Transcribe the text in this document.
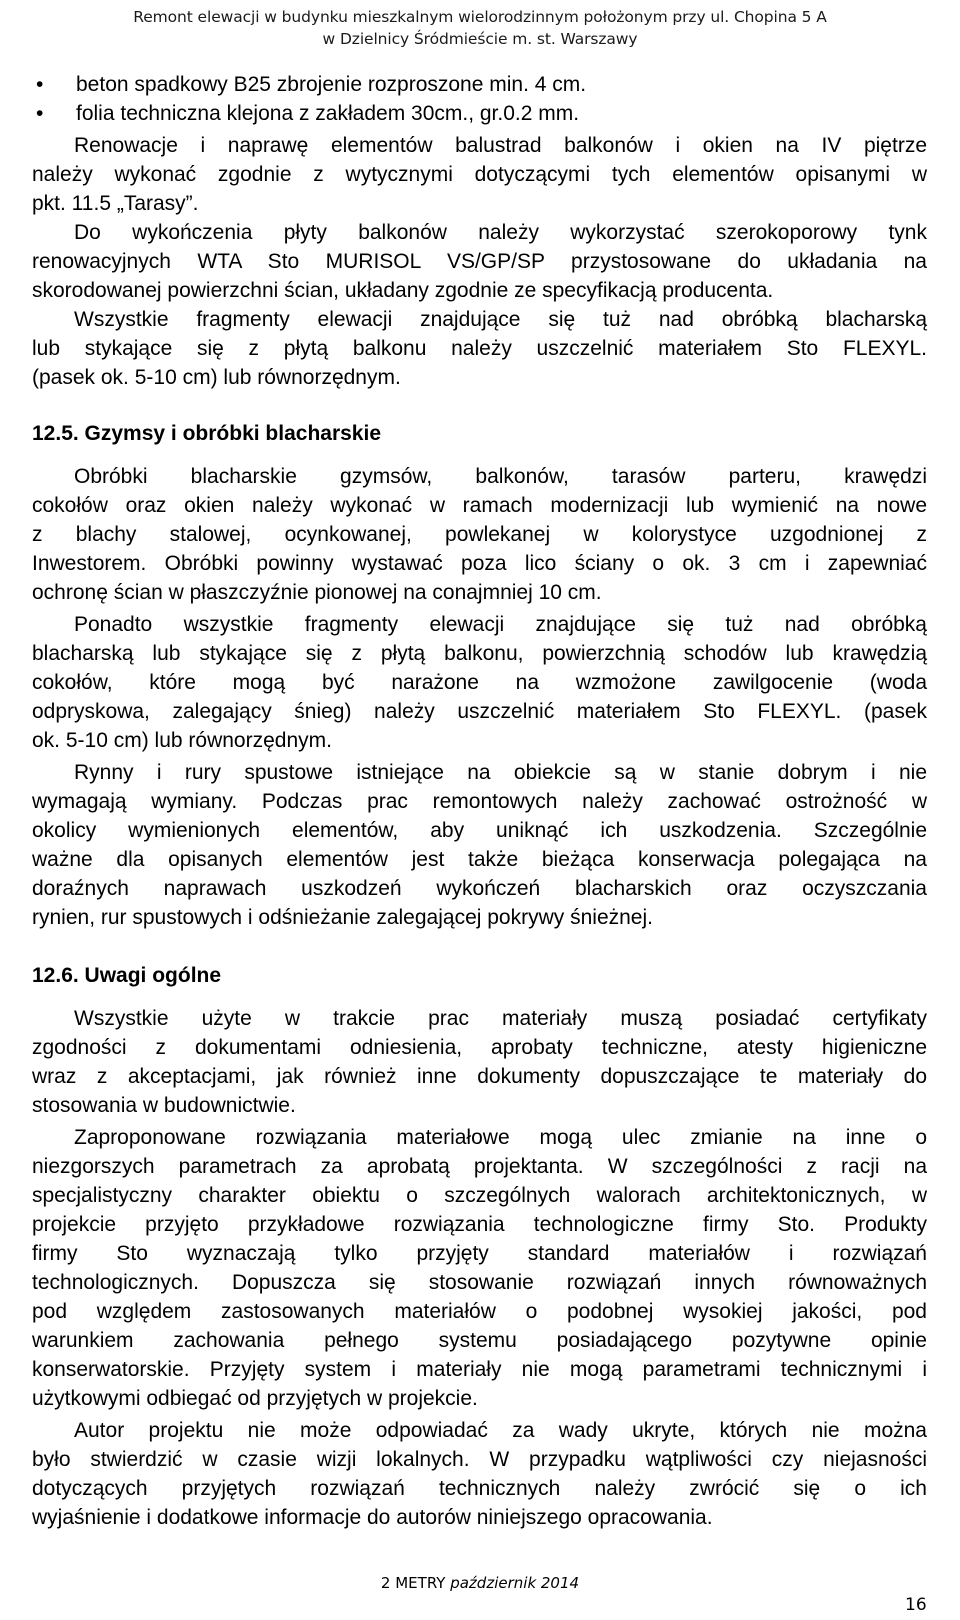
Remont elewacji w budynku mieszkalnym wielorodzinnym położonym przy ul. Chopina 5 A
w Dzielnicy Śródmieście m. st. Warszawy
• beton spadkowy B25 zbrojenie rozproszone min. 4 cm.
• folia techniczna klejona z zakładem 30cm., gr.0.2 mm.
Renowacje i naprawę elementów balustrad balkonów i okien na IV piętrze
należy wykonać zgodnie z wytycznymi dotyczącymi tych elementów opisanymi w
pkt. 11.5 „Tarasy”.
Do wykończenia płyty balkonów należy wykorzystać szerokoporowy tynk
renowacyjnych WTA Sto MURISOL VS/GP/SP przystosowane do układania na
skorodowanej powierzchni ścian, układany zgodnie ze specyfikacją producenta.
Wszystkie fragmenty elewacji znajdujące się tuż nad obróbką blacharską
lub stykające się z płytą balkonu należy uszczelnić materiałem Sto FLEXYL.
(pasek ok. 5-10 cm) lub równorzędnym.
12.5. Gzymsy i obróbki blacharskie
Obróbki blacharskie gzymsów, balkonów, tarasów parteru, krawędzi
cokołów oraz okien należy wykonać w ramach modernizacji lub wymienić na nowe
z blachy stalowej, ocynkowanej, powlekanej w kolorystyce uzgodnionej z
Inwestorem. Obróbki powinny wystawać poza lico ściany o ok. 3 cm i zapewniać
ochronę ścian w płaszczyźnie pionowej na conajmniej 10 cm.
Ponadto wszystkie fragmenty elewacji znajdujące się tuż nad obróbką
blacharską lub stykające się z płytą balkonu, powierzchnią schodów lub krawędzią
cokołów, które mogą być narażone na wzmożone zawilgocenie (woda
odpryskowa, zalegający śnieg) należy uszczelnić materiałem Sto FLEXYL. (pasek
ok. 5-10 cm) lub równorzędnym.
Rynny i rury spustowe istniejące na obiekcie są w stanie dobrym i nie
wymagają wymiany. Podczas prac remontowych należy zachować ostrożność w
okolicy wymienionych elementów, aby uniknąć ich uszkodzenia. Szczególnie
ważne dla opisanych elementów jest także bieżąca konserwacja polegająca na
doraźnych naprawach uszkodzeń wykończeń blacharskich oraz oczyszczania
rynien, rur spustowych i odśnieżanie zalegającej pokrywy śnieżnej.
12.6. Uwagi ogólne
Wszystkie użyte w trakcie prac materiały muszą posiadać certyfikaty
zgodności z dokumentami odniesienia, aprobaty techniczne, atesty higieniczne
wraz z akceptacjami, jak również inne dokumenty dopuszczające te materiały do
stosowania w budownictwie.
Zaproponowane rozwiązania materiałowe mogą ulec zmianie na inne o
niezgorszych parametrach za aprobatą projektanta. W szczególności z racji na
specjalistyczny charakter obiektu o szczególnych walorach architektonicznych, w
projekcie przyjęto przykładowe rozwiązania technologiczne firmy Sto. Produkty
firmy Sto wyznaczają tylko przyjęty standard materiałów i rozwiązań
technologicznych. Dopuszcza się stosowanie rozwiązań innych równoważnych
pod względem zastosowanych materiałów o podobnej wysokiej jakości, pod
warunkiem zachowania pełnego systemu posiadającego pozytywne opinie
konserwatorskie. Przyjęty system i materiały nie mogą parametrami technicznymi i
użytkowymi odbiegać od przyjętych w projekcie.
Autor projektu nie może odpowiadać za wady ukryte, których nie można
było stwierdzić w czasie wizji lokalnych. W przypadku wątpliwości czy niejasności
dotyczących przyjętych rozwiązań technicznych należy zwrócić się o ich
wyjaśnienie i dodatkowe informacje do autorów niniejszego opracowania.
2 METRY październik 2014
16
